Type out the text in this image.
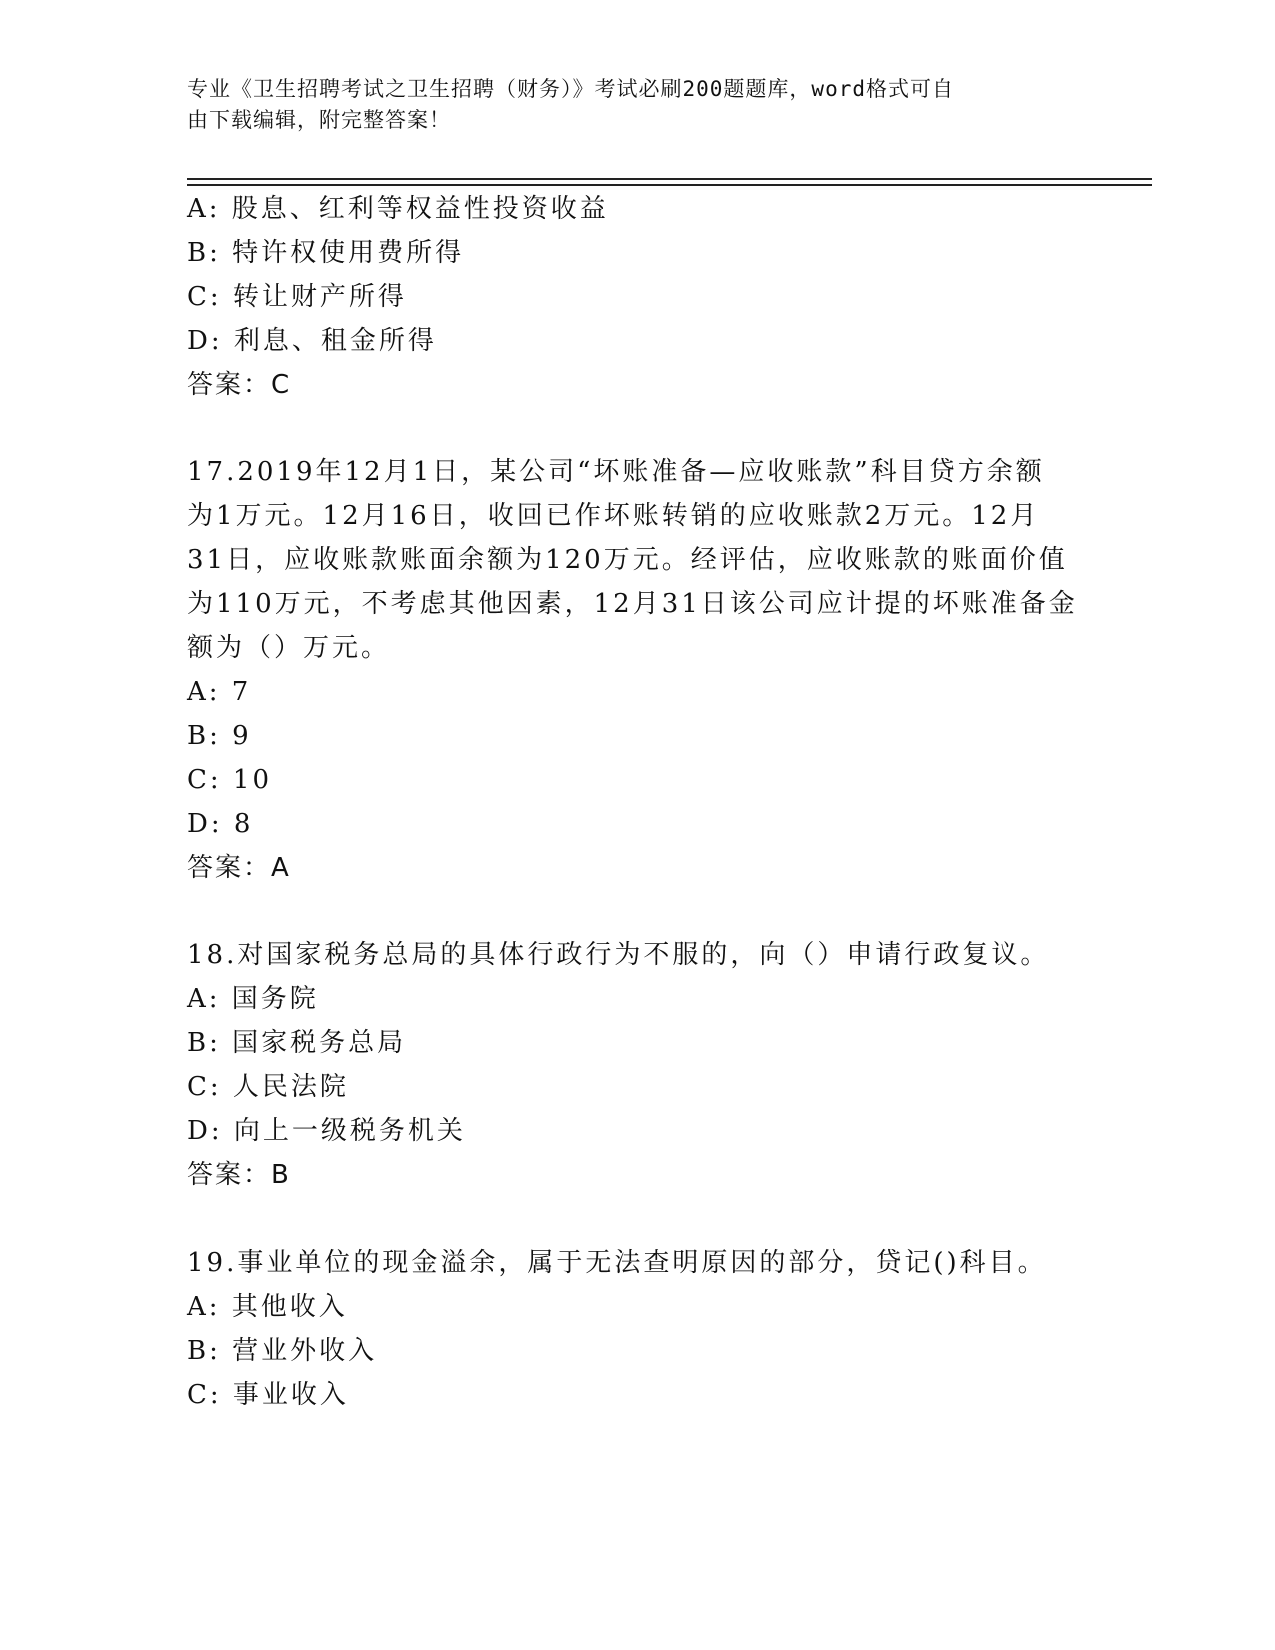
专业《卫生招聘考试之卫生招聘（财务）》考试必刷200题题库，word格式可自
由下载编辑，附完整答案！
A: 股息、红利等权益性投资收益
B: 特许权使用费所得
C: 转让财产所得
D: 利息、租金所得
答案：C
17.2019年12月1日，某公司“坏账准备—应收账款”科目贷方余额
为1万元。12月16日，收回已作坏账转销的应收账款2万元。12月
31日，应收账款账面余额为120万元。经评估，应收账款的账面价值
为110万元，不考虑其他因素，12月31日该公司应计提的坏账准备金
额为（）万元。
A: 7
B: 9
C: 10
D: 8
答案：A
18.对国家税务总局的具体行政行为不服的，向（）申请行政复议。
A: 国务院
B: 国家税务总局
C: 人民法院
D: 向上一级税务机关
答案：B
19.事业单位的现金溢余，属于无法查明原因的部分，贷记()科目。
A: 其他收入
B: 营业外收入
C: 事业收入
